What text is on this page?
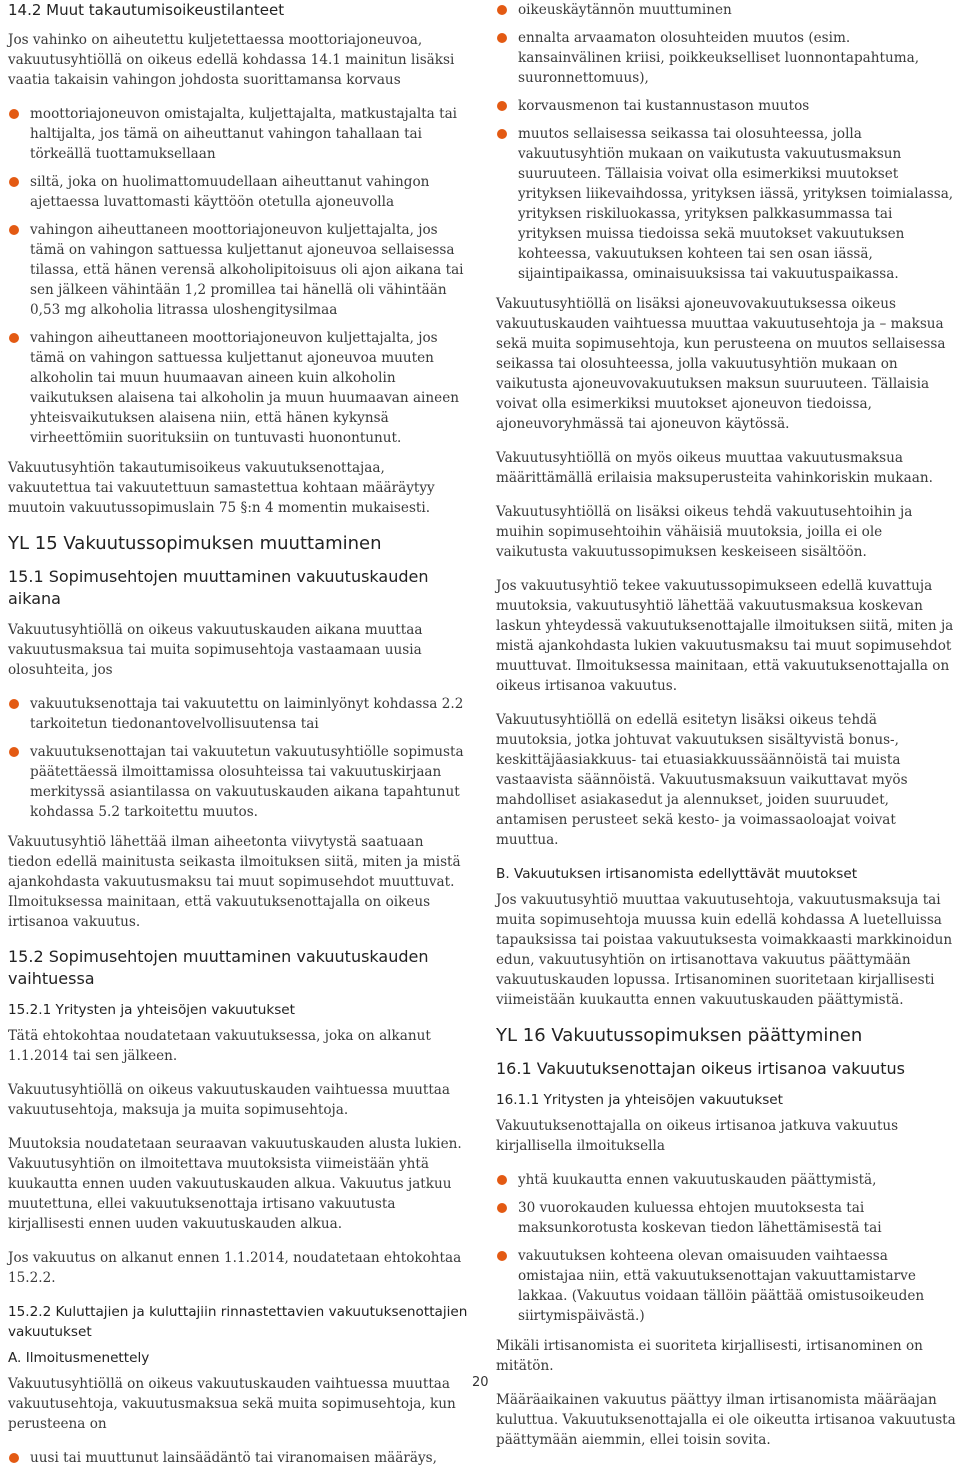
14.2 Muut takautumisoikeustilanteet

Jos vahinko on aiheutettu kuljetettaessa moottoriajoneuvoa, vakuutusyhtiöllä on oikeus edellä kohdassa 14.1 mainitun lisäksi vaatia takaisin vahingon johdosta suorittamansa korvaus

moottoriajoneuvon omistajalta, kuljettajalta, matkustajalta tai haltijalta, jos tämä on aiheuttanut vahingon tahallaan tai törkeällä tuottamuksellaan
siltä, joka on huolimattomuudellaan aiheuttanut vahingon ajettaessa luvattomasti käyttöön otetulla ajoneuvolla
vahingon aiheuttaneen moottoriajoneuvon kuljettajalta, jos tämä on vahingon sattuessa kuljettanut ajoneuvoa sellaisessa tilassa, että hänen verensä alkoholipitoisuus oli ajon aikana tai sen jälkeen vähintään 1,2 promillea tai hänellä oli vähintään 0,53 mg alkoholia litrassa uloshengitysilmaa
vahingon aiheuttaneen moottoriajoneuvon kuljettajalta, jos tämä on vahingon sattuessa kuljettanut ajoneuvoa muuten alkoholin tai muun huumaavan aineen kuin alkoholin vaikutuksen alaisena tai alkoholin ja muun huumaavan aineen yhteisvaikutuksen alaisena niin, että hänen kykynsä virheettömiin suorituksiin on tuntuvasti huonontunut.

Vakuutusyhtiön takautumisoikeus vakuutuksenottajaa, vakuutettua tai vakuutettuun samastettua kohtaan määräytyy muutoin vakuutussopimuslain 75 §:n 4 momentin mukaisesti.

YL 15 Vakuutussopimuksen muuttaminen
15.1 Sopimusehtojen muuttaminen vakuutuskauden aikana

Vakuutusyhtiöllä on oikeus vakuutuskauden aikana muuttaa vakuutusmaksua tai muita sopimusehtoja vastaamaan uusia olosuhteita, jos

vakuutuksenottaja tai vakuutettu on laiminlyönyt kohdassa 2.2 tarkoitetun tiedonantovelvollisuutensa tai
vakuutuksenottajan tai vakuutetun vakuutusyhtiölle sopimusta päätettäessä ilmoittamissa olosuhteissa tai vakuutuskirjaan merkityssä asiantilassa on vakuutuskauden aikana tapahtunut kohdassa 5.2 tarkoitettu muutos.

Vakuutusyhtiö lähettää ilman aiheetonta viivytystä saatuaan tiedon edellä mainitusta seikasta ilmoituksen siitä, miten ja mistä ajankohdasta vakuutusmaksu tai muut sopimusehdot muuttuvat. Ilmoituksessa mainitaan, että vakuutuksenottajalla on oikeus irtisanoa vakuutus.

15.2 Sopimusehtojen muuttaminen vakuutuskauden vaihtuessa
15.2.1 Yritysten ja yhteisöjen vakuutukset

Tätä ehtokohtaa noudatetaan vakuutuksessa, joka on alkanut 1.1.2014 tai sen jälkeen.

Vakuutusyhtiöllä on oikeus vakuutuskauden vaihtuessa muuttaa vakuutusehtoja, maksuja ja muita sopimusehtoja.

Muutoksia noudatetaan seuraavan vakuutuskauden alusta lukien. Vakuutusyhtiön on ilmoitettava muutoksista viimeistään yhtä kuukautta ennen uuden vakuutuskauden alkua. Vakuutus jatkuu muutettuna, ellei vakuutuksenottaja irtisano vakuutusta kirjallisesti ennen uuden vakuutuskauden alkua.

Jos vakuutus on alkanut ennen 1.1.2014, noudatetaan ehtokohtaa 15.2.2.

15.2.2 Kuluttajien ja kuluttajiin rinnastettavien vakuutuksenottajien vakuutukset
A. Ilmoitusmenettely

Vakuutusyhtiöllä on oikeus vakuutuskauden vaihtuessa muuttaa vakuutusehtoja, vakuutusmaksua sekä muita sopimusehtoja, kun perusteena on

uusi tai muuttunut lainsäädäntö tai viranomaisen määräys,
oikeuskäytännön muuttuminen
ennalta arvaamaton olosuhteiden muutos (esim. kansainvälinen kriisi, poikkeukselliset luonnontapahtuma, suuronnettomuus),
korvausmenon tai kustannustason muutos
muutos sellaisessa seikassa tai olosuhteessa, jolla vakuutusyhtiön mukaan on vaikutusta vakuutusmaksun suuruuteen. Tällaisia voivat olla esimerkiksi muutokset yrityksen liikevaihdossa, yrityksen iässä, yrityksen toimialassa, yrityksen riskiluokassa, yrityksen palkkasummassa tai yrityksen muissa tiedoissa sekä muutokset vakuutuksen kohteessa, vakuutuksen kohteen tai sen osan iässä, sijaintipaikassa, ominaisuuksissa tai vakuutuspaikassa.

Vakuutusyhtiöllä on lisäksi ajoneuvovakuutuksessa oikeus vakuutuskauden vaihtuessa muuttaa vakuutusehtoja ja – maksua sekä muita sopimusehtoja, kun perusteena on muutos sellaisessa seikassa tai olosuhteessa, jolla vakuutusyhtiön mukaan on vaikutusta ajoneuvovakuutuksen maksun suuruuteen. Tällaisia voivat olla esimerkiksi muutokset ajoneuvon tiedoissa, ajoneuvoryhmässä tai ajoneuvon käytössä.

Vakuutusyhtiöllä on myös oikeus muuttaa vakuutusmaksua määrittämällä erilaisia maksuperusteita vahinkoriskin mukaan.

Vakuutusyhtiöllä on lisäksi oikeus tehdä vakuutusehtoihin ja muihin sopimusehtoihin vähäisiä muutoksia, joilla ei ole vaikutusta vakuutussopimuksen keskeiseen sisältöön.

Jos vakuutusyhtiö tekee vakuutussopimukseen edellä kuvattuja muutoksia, vakuutusyhtiö lähettää vakuutusmaksua koskevan laskun yhteydessä vakuutuksenottajalle ilmoituksen siitä, miten ja mistä ajankohdasta lukien vakuutusmaksu tai muut sopimusehdot muuttuvat. Ilmoituksessa mainitaan, että vakuutuksenottajalla on oikeus irtisanoa vakuutus.

Vakuutusyhtiöllä on edellä esitetyn lisäksi oikeus tehdä muutoksia, jotka johtuvat vakuutuksen sisältyvistä bonus-, keskittäjäasiakkuus- tai etuasiakkuussäännöistä tai muista vastaavista säännöistä. Vakuutusmaksuun vaikuttavat myös mahdolliset asiakasedut ja alennukset, joiden suuruudet, antamisen perusteet sekä kesto- ja voimassaoloajat voivat muuttua.

B. Vakuutuksen irtisanomista edellyttävät muutokset

Jos vakuutusyhtiö muuttaa vakuutusehtoja, vakuutusmaksuja tai muita sopimusehtoja muussa kuin edellä kohdassa A luetelluissa tapauksissa tai poistaa vakuutuksesta voimakkaasti markkinoidun edun, vakuutusyhtiön on irtisanottava vakuutus päättymään vakuutuskauden lopussa. Irtisanominen suoritetaan kirjallisesti viimeistään kuukautta ennen vakuutuskauden päättymistä.

YL 16 Vakuutussopimuksen päättyminen
16.1 Vakuutuksenottajan oikeus irtisanoa vakuutus
16.1.1 Yritysten ja yhteisöjen vakuutukset

Vakuutuksenottajalla on oikeus irtisanoa jatkuva vakuutus kirjallisella ilmoituksella

yhtä kuukautta ennen vakuutuskauden päättymistä,
30 vuorokauden kuluessa ehtojen muutoksesta tai maksunkorotusta koskevan tiedon lähettämisestä tai
vakuutuksen kohteena olevan omaisuuden vaihtaessa omistajaa niin, että vakuutuksenottajan vakuuttamistarve lakkaa. (Vakuutus voidaan tällöin päättää omistusoikeuden siirtymispäivästä.)

Mikäli irtisanomista ei suoriteta kirjallisesti, irtisanominen on mitätön.

Määräaikainen vakuutus päättyy ilman irtisanomista määräajan kuluttua. Vakuutuksenottajalla ei ole oikeutta irtisanoa vakuutusta päättymään aiemmin, ellei toisin sovita.

20
